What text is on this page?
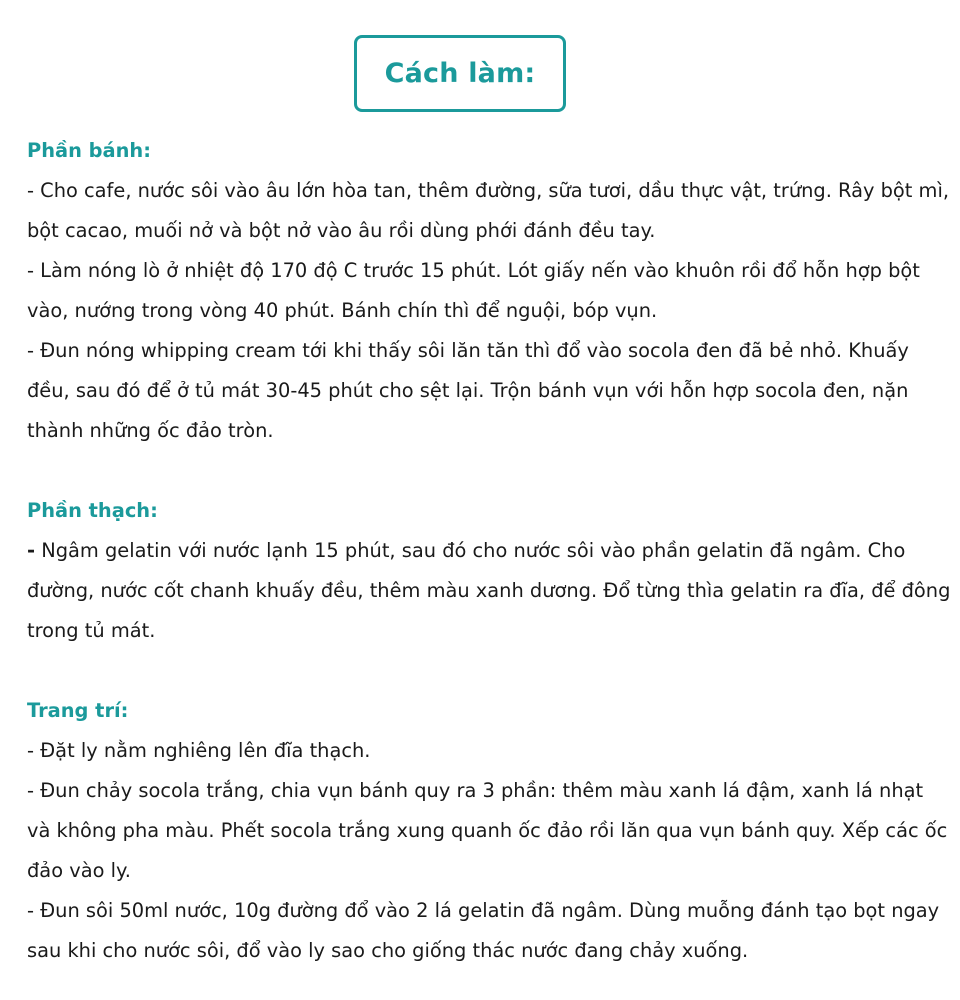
Cách làm:
Phần bánh:

- Cho cafe, nước sôi vào âu lớn hòa tan, thêm đường, sữa tươi, dầu thực vật, trứng. Rây bột mì, bột cacao, muối nở và bột nở vào âu rồi dùng phới đánh đều tay.

- Làm nóng lò ở nhiệt độ 170 độ C trước 15 phút. Lót giấy nến vào khuôn rồi đổ hỗn hợp bột vào, nướng trong vòng 40 phút. Bánh chín thì để nguội, bóp vụn.

- Đun nóng whipping cream tới khi thấy sôi lăn tăn thì đổ vào socola đen đã bẻ nhỏ. Khuấy đều, sau đó để ở tủ mát 30-45 phút cho sệt lại. Trộn bánh vụn với hỗn hợp socola đen, nặn thành những ốc đảo tròn.

Phần thạch:

- Ngâm gelatin với nước lạnh 15 phút, sau đó cho nước sôi vào phần gelatin đã ngâm. Cho đường, nước cốt chanh khuấy đều, thêm màu xanh dương. Đổ từng thìa gelatin ra đĩa, để đông trong tủ mát.

Trang trí:

- Đặt ly nằm nghiêng lên đĩa thạch.

- Đun chảy socola trắng, chia vụn bánh quy ra 3 phần: thêm màu xanh lá đậm, xanh lá nhạt và không pha màu. Phết socola trắng xung quanh ốc đảo rồi lăn qua vụn bánh quy. Xếp các ốc đảo vào ly.

- Đun sôi 50ml nước, 10g đường đổ vào 2 lá gelatin đã ngâm. Dùng muỗng đánh tạo bọt ngay sau khi cho nước sôi, đổ vào ly sao cho giống thác nước đang chảy xuống.
